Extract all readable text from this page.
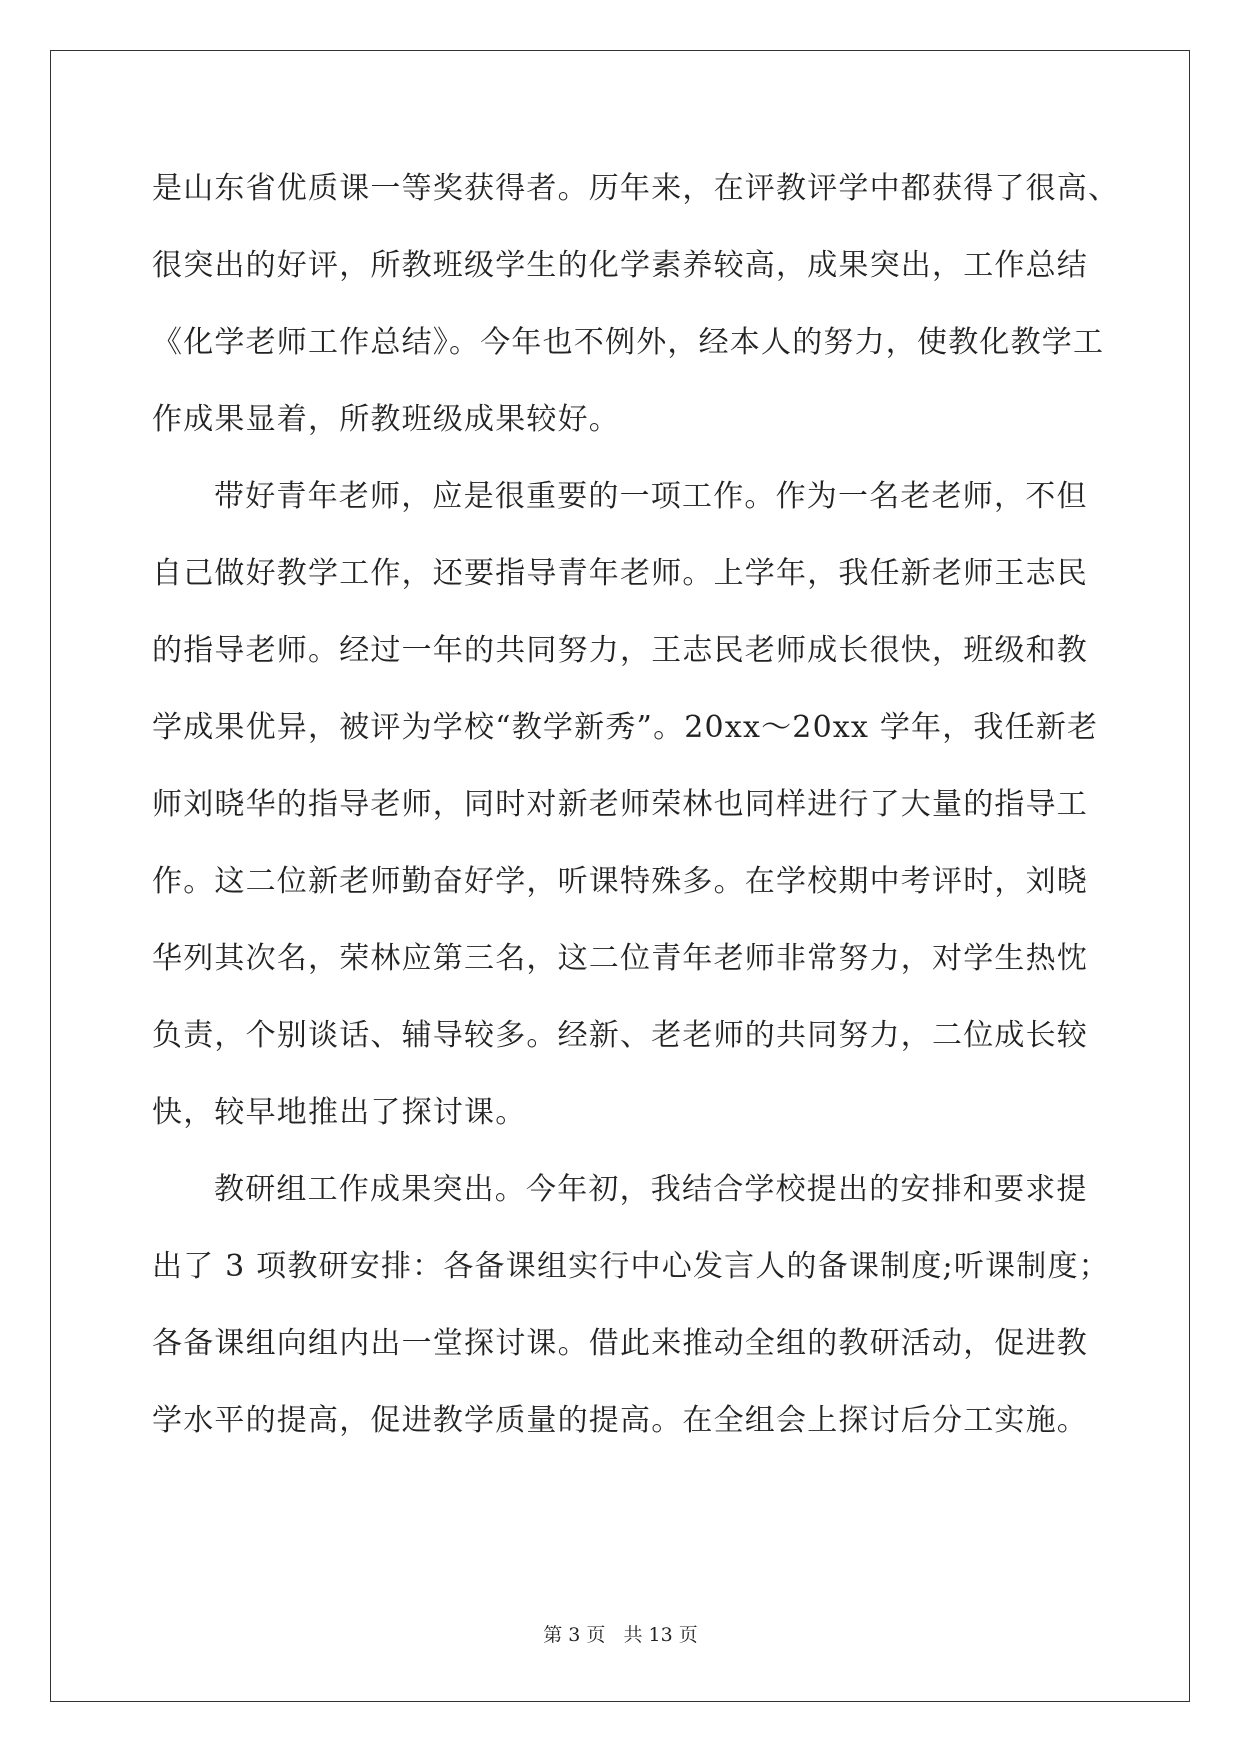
是山东省优质课一等奖获得者。历年来，在评教评学中都获得了很高、
很突出的好评，所教班级学生的化学素养较高，成果突出，工作总结
《化学老师工作总结》。今年也不例外，经本人的努力，使教化教学工
作成果显着，所教班级成果较好。
带好青年老师，应是很重要的一项工作。作为一名老老师，不但
自己做好教学工作，还要指导青年老师。上学年，我任新老师王志民
的指导老师。经过一年的共同努力，王志民老师成长很快，班级和教
学成果优异，被评为学校“教学新秀”。20xx～20xx 学年，我任新老
师刘晓华的指导老师，同时对新老师荣林也同样进行了大量的指导工
作。这二位新老师勤奋好学，听课特殊多。在学校期中考评时，刘晓
华列其次名，荣林应第三名，这二位青年老师非常努力，对学生热忱
负责，个别谈话、辅导较多。经新、老老师的共同努力，二位成长较
快，较早地推出了探讨课。
教研组工作成果突出。今年初，我结合学校提出的安排和要求提
出了 3 项教研安排：各备课组实行中心发言人的备课制度;听课制度；
各备课组向组内出一堂探讨课。借此来推动全组的教研活动，促进教
学水平的提高，促进教学质量的提高。在全组会上探讨后分工实施。
第 3 页 共 13 页
